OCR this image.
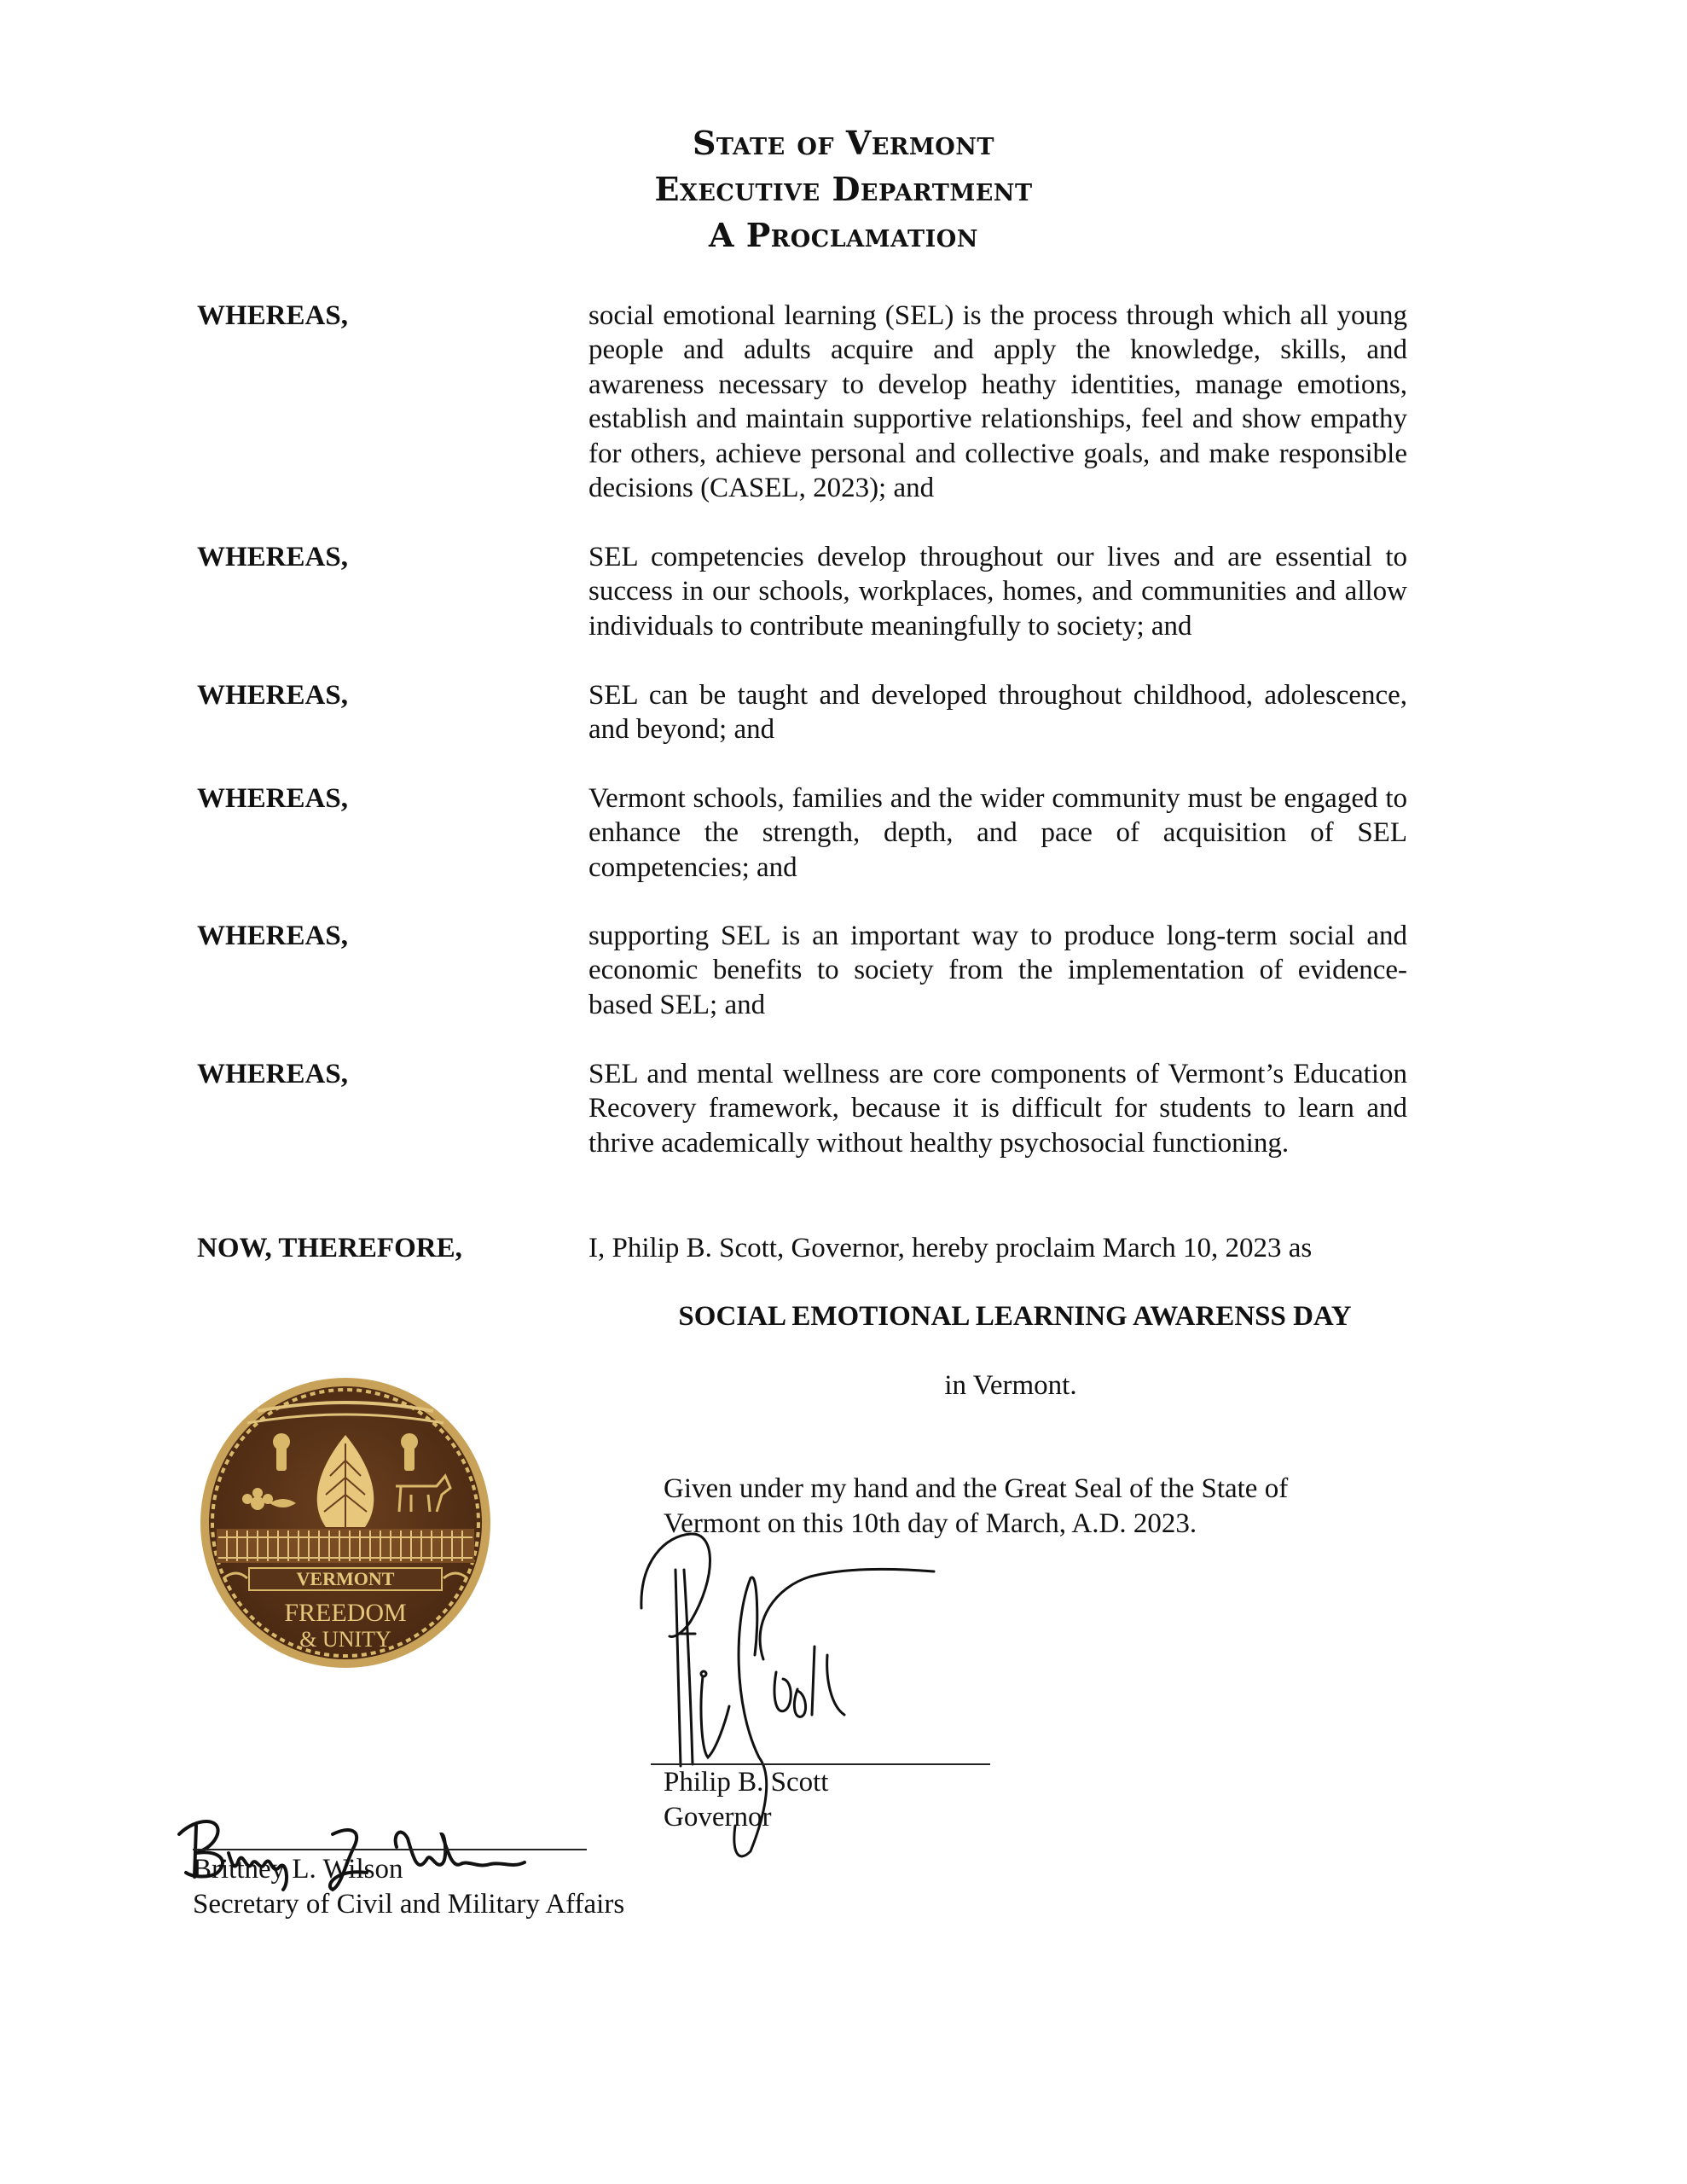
State of Vermont
Executive Department
A Proclamation
WHEREAS,	social emotional learning (SEL) is the process through which all young people and adults acquire and apply the knowledge, skills, and awareness necessary to develop heathy identities, manage emotions, establish and maintain supportive relationships, feel and show empathy for others, achieve personal and collective goals, and make responsible decisions (CASEL, 2023); and
WHEREAS,	SEL competencies develop throughout our lives and are essential to success in our schools, workplaces, homes, and communities and allow individuals to contribute meaningfully to society; and
WHEREAS,	SEL can be taught and developed throughout childhood, adolescence, and beyond; and
WHEREAS,	Vermont schools, families and the wider community must be engaged to enhance the strength, depth, and pace of acquisition of SEL competencies; and
WHEREAS,	supporting SEL is an important way to produce long-term social and economic benefits to society from the implementation of evidence-based SEL; and
WHEREAS,	SEL and mental wellness are core components of Vermont’s Education Recovery framework, because it is difficult for students to learn and thrive academically without healthy psychosocial functioning.
NOW, THEREFORE,	I, Philip B. Scott, Governor, hereby proclaim March 10, 2023 as
SOCIAL EMOTIONAL LEARNING AWARENSS DAY
in Vermont.
VERMONT
FREEDOM
& UNITY
Given under my hand and the Great Seal of the State of
Vermont on this 10th day of March, A.D. 2023.
Philip B. Scott
Governor
Brittney L. Wilson
Secretary of Civil and Military Affairs
